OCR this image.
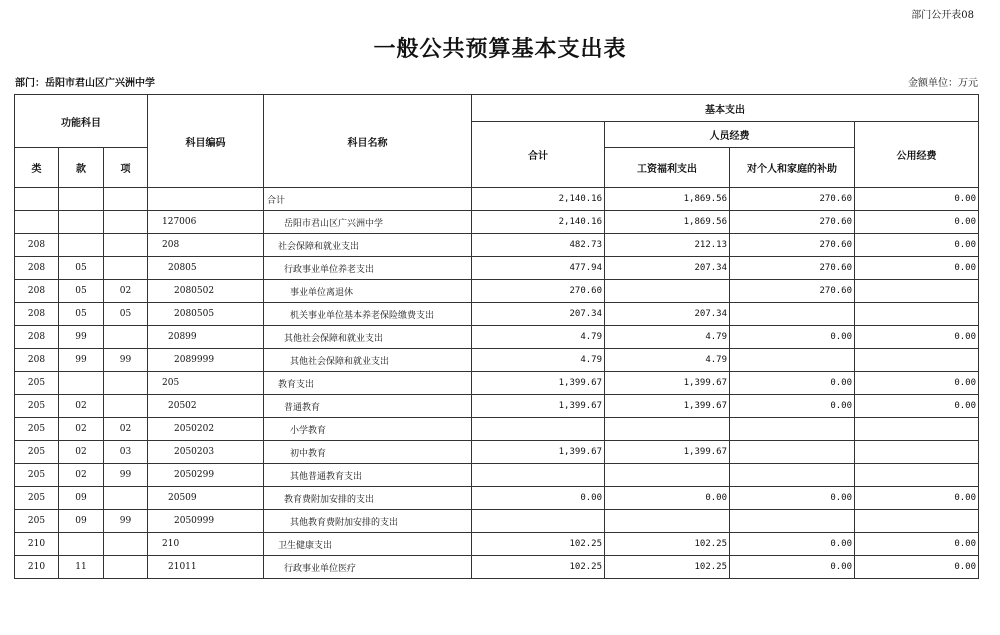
部门公开表08
一般公共预算基本支出表
部门：岳阳市君山区广兴洲中学	金额单位：万元
功能科目			科目编码	科目名称	基本支出			
					合计	人员经费		公用经费
类	款	项				工资福利支出	对个人和家庭的补助	
				合计	2,140.16	1,869.56	270.60	0.00
			127006	岳阳市君山区广兴洲中学	2,140.16	1,869.56	270.60	0.00
208			208	社会保障和就业支出	482.73	212.13	270.60	0.00
208	05		20805	行政事业单位养老支出	477.94	207.34	270.60	0.00
208	05	02	2080502	事业单位离退休	270.60		270.60	
208	05	05	2080505	机关事业单位基本养老保险缴费支出	207.34	207.34		
208	99		20899	其他社会保障和就业支出	4.79	4.79	0.00	0.00
208	99	99	2089999	其他社会保障和就业支出	4.79	4.79		
205			205	教育支出	1,399.67	1,399.67	0.00	0.00
205	02		20502	普通教育	1,399.67	1,399.67	0.00	0.00
205	02	02	2050202	小学教育				
205	02	03	2050203	初中教育	1,399.67	1,399.67		
205	02	99	2050299	其他普通教育支出				
205	09		20509	教育费附加安排的支出	0.00	0.00	0.00	0.00
205	09	99	2050999	其他教育费附加安排的支出				
210			210	卫生健康支出	102.25	102.25	0.00	0.00
210	11		21011	行政事业单位医疗	102.25	102.25	0.00	0.00
